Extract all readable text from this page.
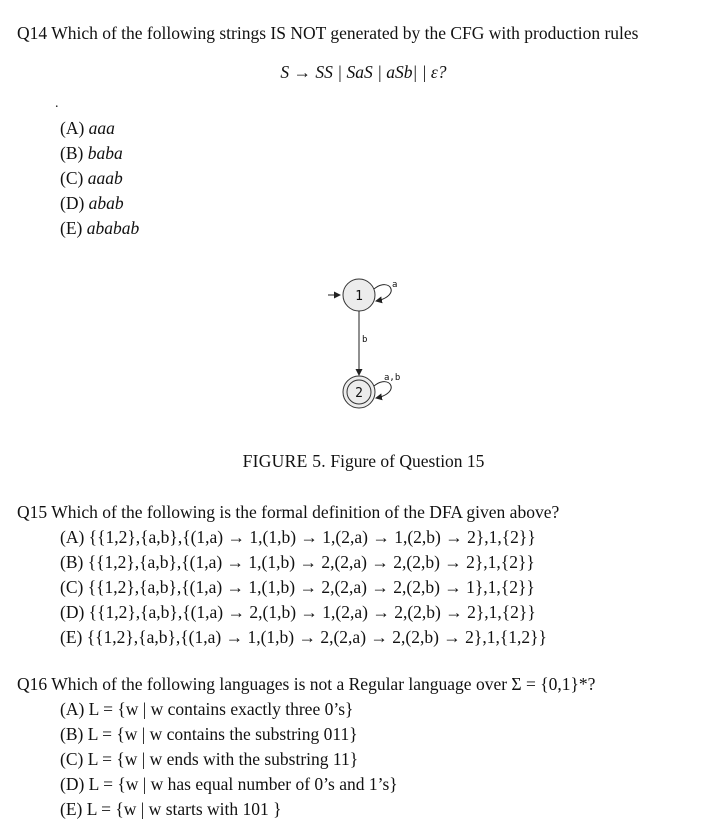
Q14 Which of the following strings IS NOT generated by the CFG with production rules
S → SS | SaS | aSb| | ε?
.
(A) aaa
(B) baba
(C) aaab
(D) abab
(E) ababab
1
a
b
2
a,b
FIGURE 5. Figure of Question 15
Q15 Which of the following is the formal definition of the DFA given above?
(A) {{1,2},{a,b},{(1,a) → 1,(1,b) → 1,(2,a) → 1,(2,b) → 2},1,{2}}
(B) {{1,2},{a,b},{(1,a) → 1,(1,b) → 2,(2,a) → 2,(2,b) → 2},1,{2}}
(C) {{1,2},{a,b},{(1,a) → 1,(1,b) → 2,(2,a) → 2,(2,b) → 1},1,{2}}
(D) {{1,2},{a,b},{(1,a) → 2,(1,b) → 1,(2,a) → 2,(2,b) → 2},1,{2}}
(E) {{1,2},{a,b},{(1,a) → 1,(1,b) → 2,(2,a) → 2,(2,b) → 2},1,{1,2}}
Q16 Which of the following languages is not a Regular language over Σ = {0,1}*?
(A) L = {w | w contains exactly three 0’s}
(B) L = {w | w contains the substring 011}
(C) L = {w | w ends with the substring 11}
(D) L = {w | w has equal number of 0’s and 1’s}
(E) L = {w | w starts with 101 }
